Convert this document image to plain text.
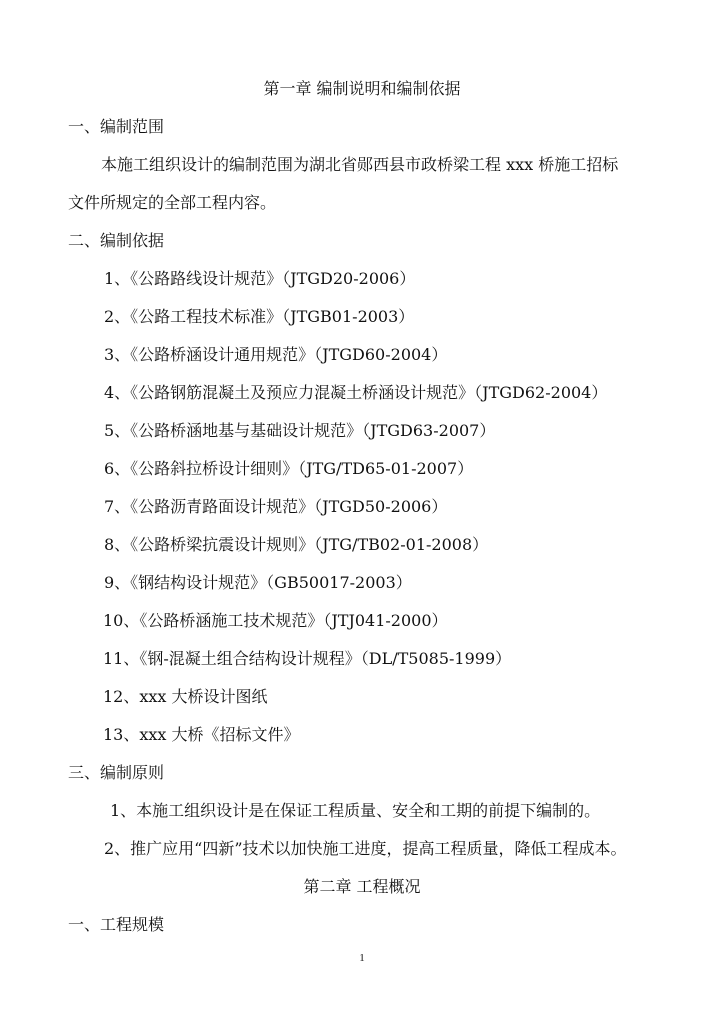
第一章 编制说明和编制依据
一、编制范围
本施工组织设计的编制范围为湖北省郧西县市政桥梁工程 xxx 桥施工招标
文件所规定的全部工程内容。
二、编制依据
1、《公路路线设计规范》（JTGD20-2006）
2、《公路工程技术标准》（JTGB01-2003）
3、《公路桥涵设计通用规范》（JTGD60-2004）
4、《公路钢筋混凝土及预应力混凝土桥涵设计规范》（JTGD62-2004）
5、《公路桥涵地基与基础设计规范》（JTGD63-2007）
6、《公路斜拉桥设计细则》（JTG/TD65-01-2007）
7、《公路沥青路面设计规范》（JTGD50-2006）
8、《公路桥梁抗震设计规则》（JTG/TB02-01-2008）
9、《钢结构设计规范》（GB50017-2003）
10、《公路桥涵施工技术规范》（JTJ041-2000）
11、《钢-混凝土组合结构设计规程》（DL/T5085-1999）
12、xxx 大桥设计图纸
13、xxx 大桥《招标文件》
三、编制原则
1、本施工组织设计是在保证工程质量、安全和工期的前提下编制的。
2、推广应用“四新”技术以加快施工进度，提高工程质量，降低工程成本。
第二章 工程概况
一、工程规模
1
